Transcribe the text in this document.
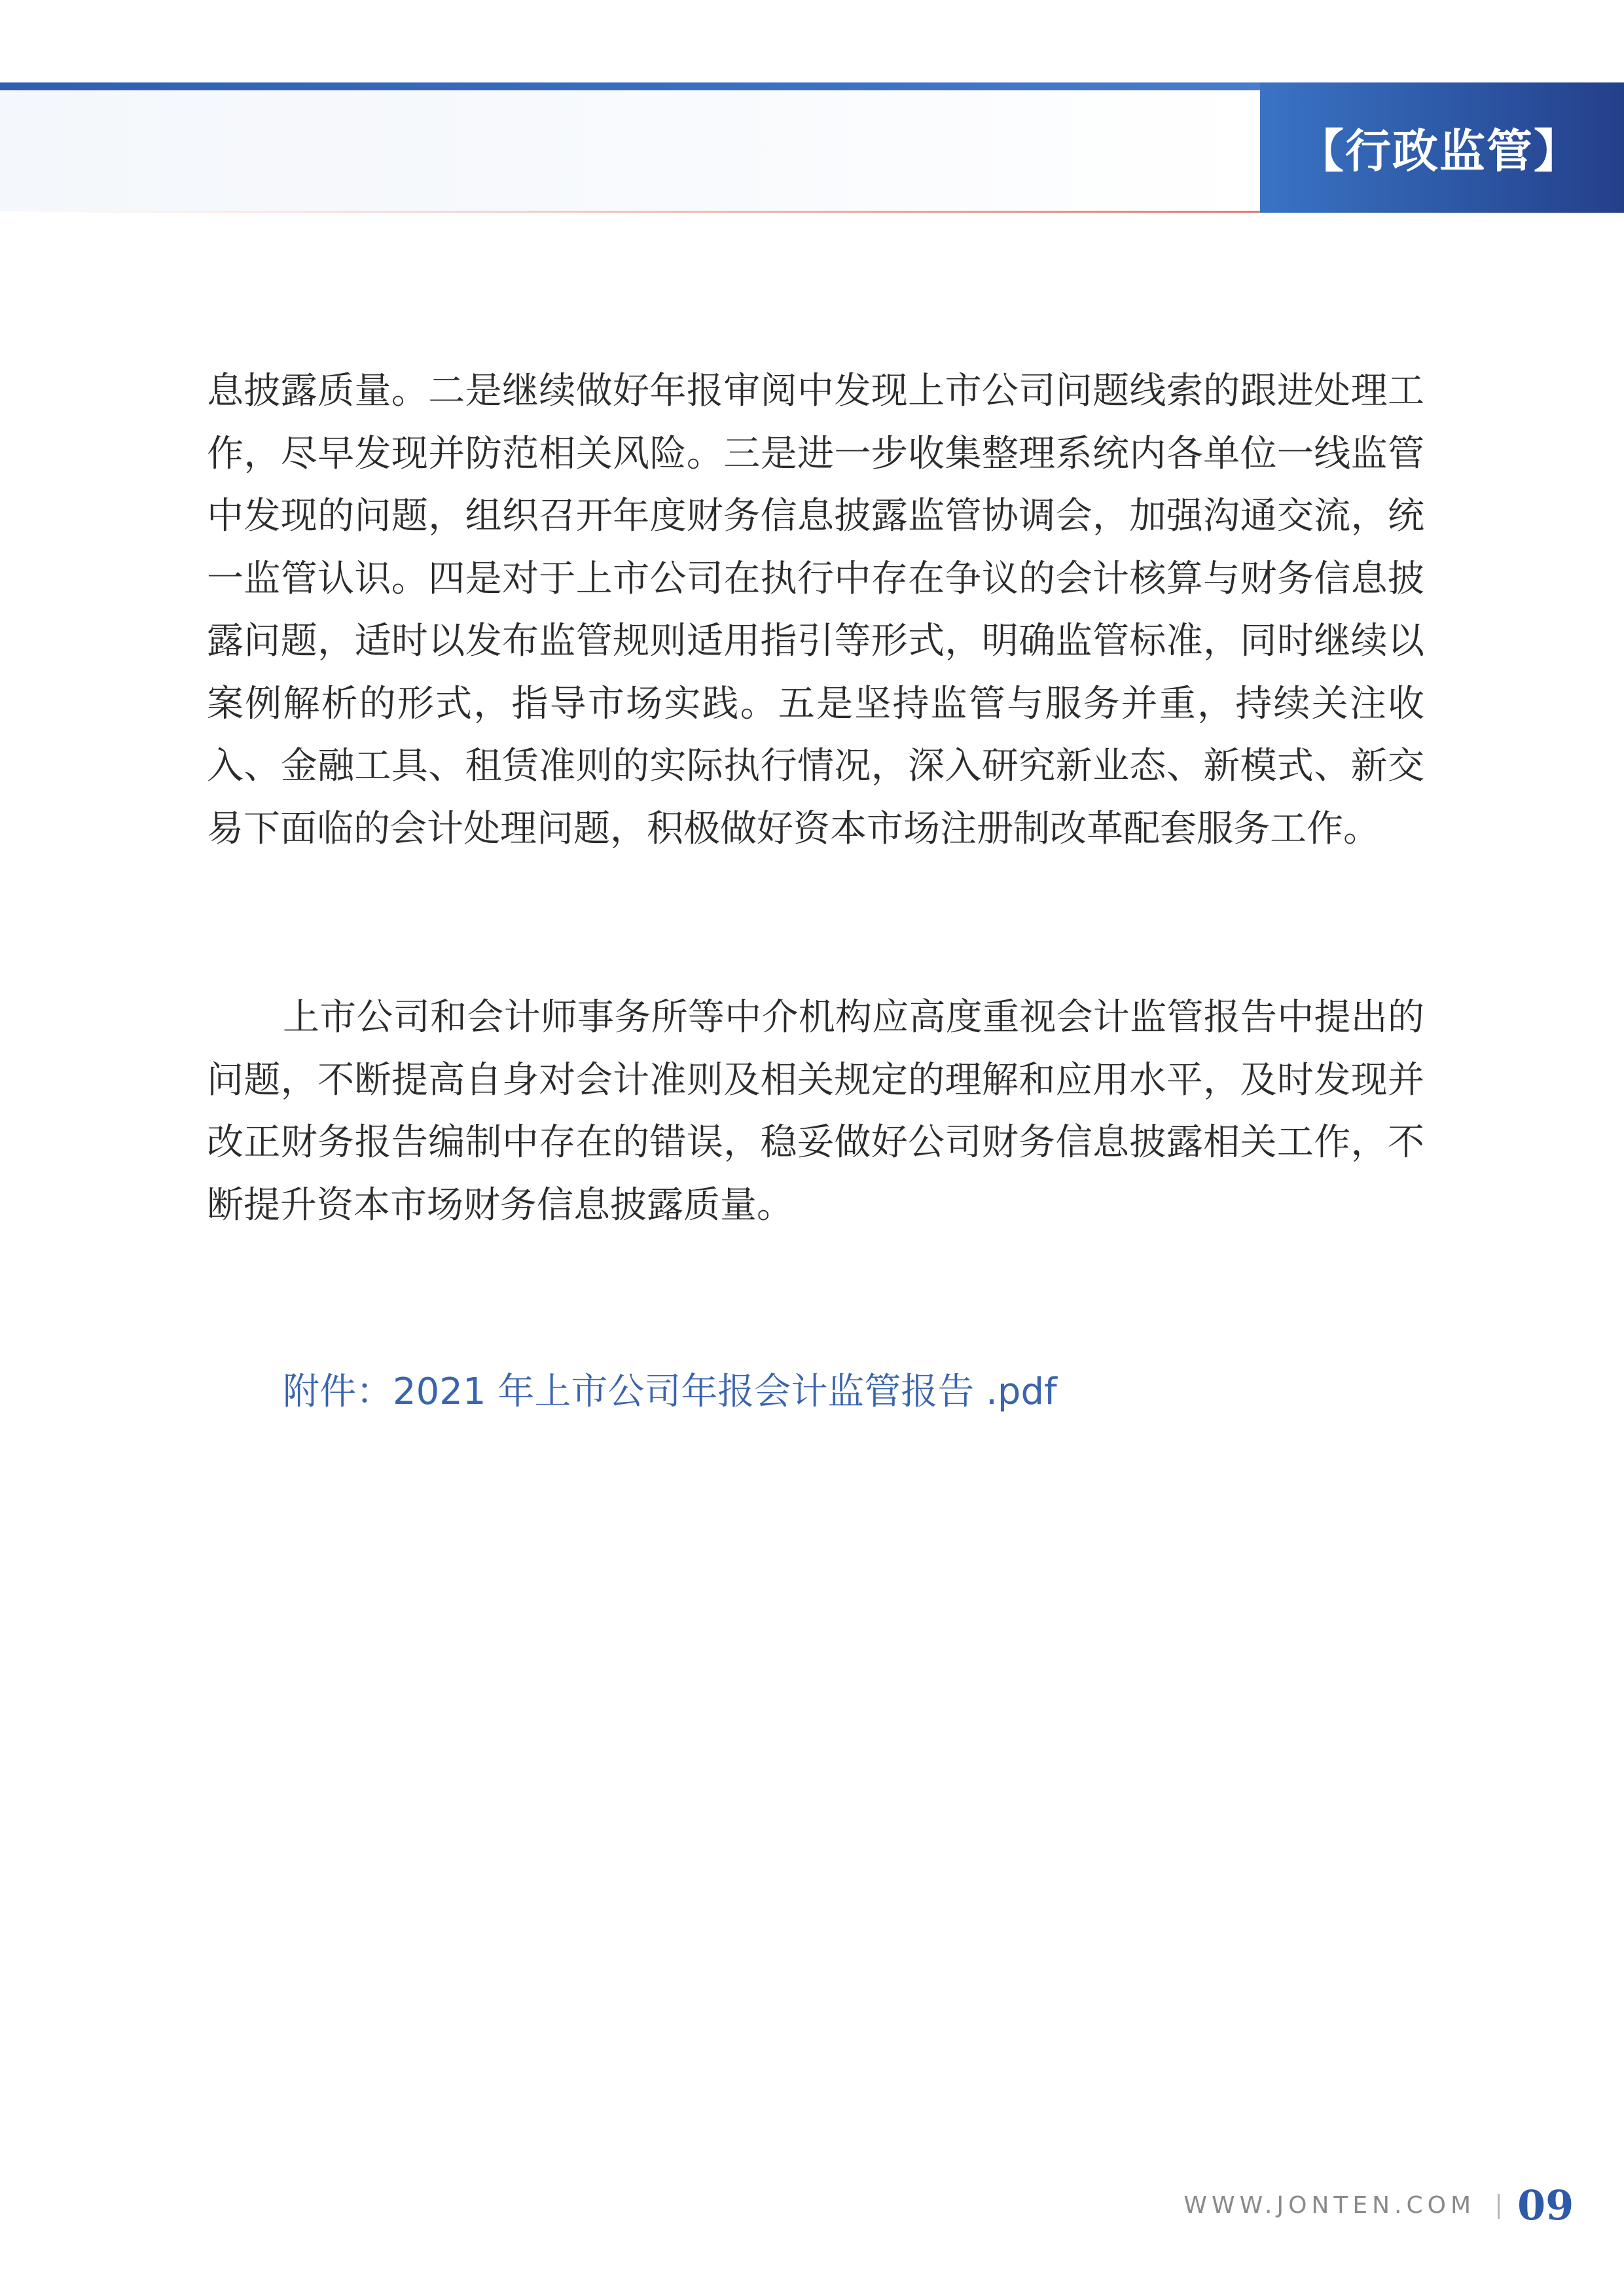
【行政监管】

息披露质量。二是继续做好年报审阅中发现上市公司问题线索的跟进处理工作，尽早发现并防范相关风险。三是进一步收集整理系统内各单位一线监管中发现的问题，组织召开年度财务信息披露监管协调会，加强沟通交流，统一监管认识。四是对于上市公司在执行中存在争议的会计核算与财务信息披露问题，适时以发布监管规则适用指引等形式，明确监管标准，同时继续以案例解析的形式，指导市场实践。五是坚持监管与服务并重，持续关注收入、金融工具、租赁准则的实际执行情况，深入研究新业态、新模式、新交易下面临的会计处理问题，积极做好资本市场注册制改革配套服务工作。

上市公司和会计师事务所等中介机构应高度重视会计监管报告中提出的问题，不断提高自身对会计准则及相关规定的理解和应用水平，及时发现并改正财务报告编制中存在的错误，稳妥做好公司财务信息披露相关工作，不断提升资本市场财务信息披露质量。

附件：2021 年上市公司年报会计监管报告 .pdf
WWW.JONTEN.COM 09
